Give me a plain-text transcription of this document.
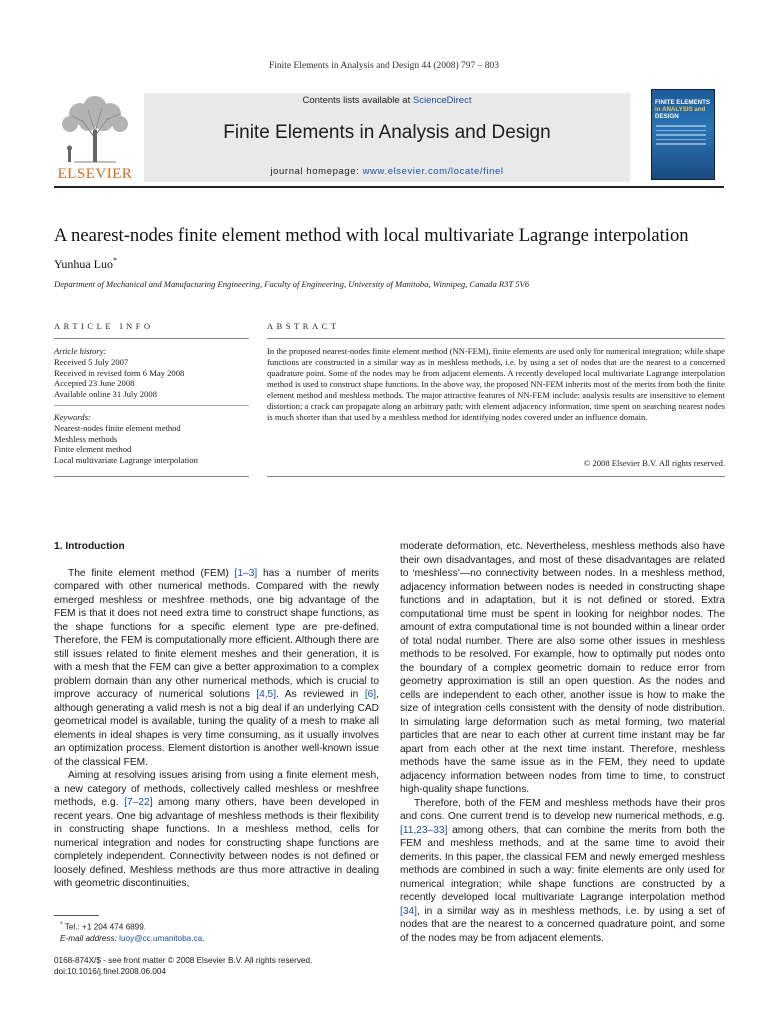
Finite Elements in Analysis and Design 44 (2008) 797 – 803
ELSEVIER
Contents lists available at ScienceDirect
Finite Elements in Analysis and Design
journal homepage: www.elsevier.com/locate/finel
FINITE ELEMENTS
in ANALYSIS and
DESIGN
A nearest-nodes finite element method with local multivariate Lagrange interpolation
Yunhua Luo*
Department of Mechanical and Manufacturing Engineering, Faculty of Engineering, University of Manitoba, Winnipeg, Canada R3T 5V6
ARTICLE INFO	ABSTRACT
Article history:
Received 5 July 2007
Received in revised form 6 May 2008
Accepted 23 June 2008
Available online 31 July 2008
Keywords:
Nearest-nodes finite element method
Meshless methods
Finite element method
Local multivariate Lagrange interpolation
In the proposed nearest-nodes finite element method (NN-FEM), finite elements are used only for numerical integration; while shape functions are constructed in a similar way as in meshless methods, i.e. by using a set of nodes that are the nearest to a concerned quadrature point. Some of the nodes may be from adjacent elements. A recently developed local multivariate Lagrange interpolation method is used to construct shape functions. In the above way, the proposed NN-FEM inherits most of the merits from both the finite element method and meshless methods. The major attractive features of NN-FEM include: analysis results are insensitive to element distortion; a crack can propagate along an arbitrary path; with element adjacency information, time spent on searching nearest nodes is much shorter than that used by a meshless method for identifying nodes covered under an influence domain.
© 2008 Elsevier B.V. All rights reserved.

1. Introduction

The finite element method (FEM) [1–3] has a number of merits compared with other numerical methods. Compared with the newly emerged meshless or meshfree methods, one big advantage of the FEM is that it does not need extra time to construct shape functions, as the shape functions for a specific element type are pre-defined. Therefore, the FEM is computationally more efficient. Although there are still issues related to finite element meshes and their generation, it is with a mesh that the FEM can give a better approximation to a complex problem domain than any other numerical methods, which is crucial to improve accuracy of numerical solutions [4,5]. As reviewed in [6], although generating a valid mesh is not a big deal if an underlying CAD geometrical model is available, tuning the quality of a mesh to make all elements in ideal shapes is very time consuming, as it usually involves an optimization process. Element distortion is another well-known issue of the classical FEM.

Aiming at resolving issues arising from using a finite element mesh, a new category of methods, collectively called meshless or meshfree methods, e.g. [7–22] among many others, have been developed in recent years. One big advantage of meshless methods is their flexibility in constructing shape functions. In a meshless method, cells for numerical integration and nodes for constructing shape functions are completely independent. Connectivity between nodes is not defined or loosely defined. Meshless methods are thus more attractive in dealing with geometric discontinuities,

moderate deformation, etc. Nevertheless, meshless methods also have their own disadvantages, and most of these disadvantages are related to ‘meshless’—no connectivity between nodes. In a meshless method, adjacency information between nodes is needed in constructing shape functions and in adaptation, but it is not defined or stored. Extra computational time must be spent in looking for neighbor nodes. The amount of extra computational time is not bounded within a linear order of total nodal number. There are also some other issues in meshless methods to be resolved. For example, how to optimally put nodes onto the boundary of a complex geometric domain to reduce error from geometry approximation is still an open question. As the nodes and cells are independent to each other, another issue is how to make the size of integration cells consistent with the density of node distribution. In simulating large deformation such as metal forming, two material particles that are near to each other at current time instant may be far apart from each other at the next time instant. Therefore, meshless methods have the same issue as in the FEM, they need to update adjacency information between nodes from time to time, to construct high-quality shape functions.

Therefore, both of the FEM and meshless methods have their pros and cons. One current trend is to develop new numerical methods, e.g. [11,23–33] among others, that can combine the merits from both the FEM and meshless methods, and at the same time to avoid their demerits. In this paper, the classical FEM and newly emerged meshless methods are combined in such a way: finite elements are only used for numerical integration; while shape functions are constructed by a recently developed local multivariate Lagrange interpolation method [34], in a similar way as in meshless methods, i.e. by using a set of nodes that are the nearest to a concerned quadrature point, and some of the nodes may be from adjacent elements.

* Tel.: +1 204 474 6899.
E-mail address: luoy@cc.umanitoba.ca.
0168-874X/$ - see front matter © 2008 Elsevier B.V. All rights reserved.
doi:10.1016/j.finel.2008.06.004
